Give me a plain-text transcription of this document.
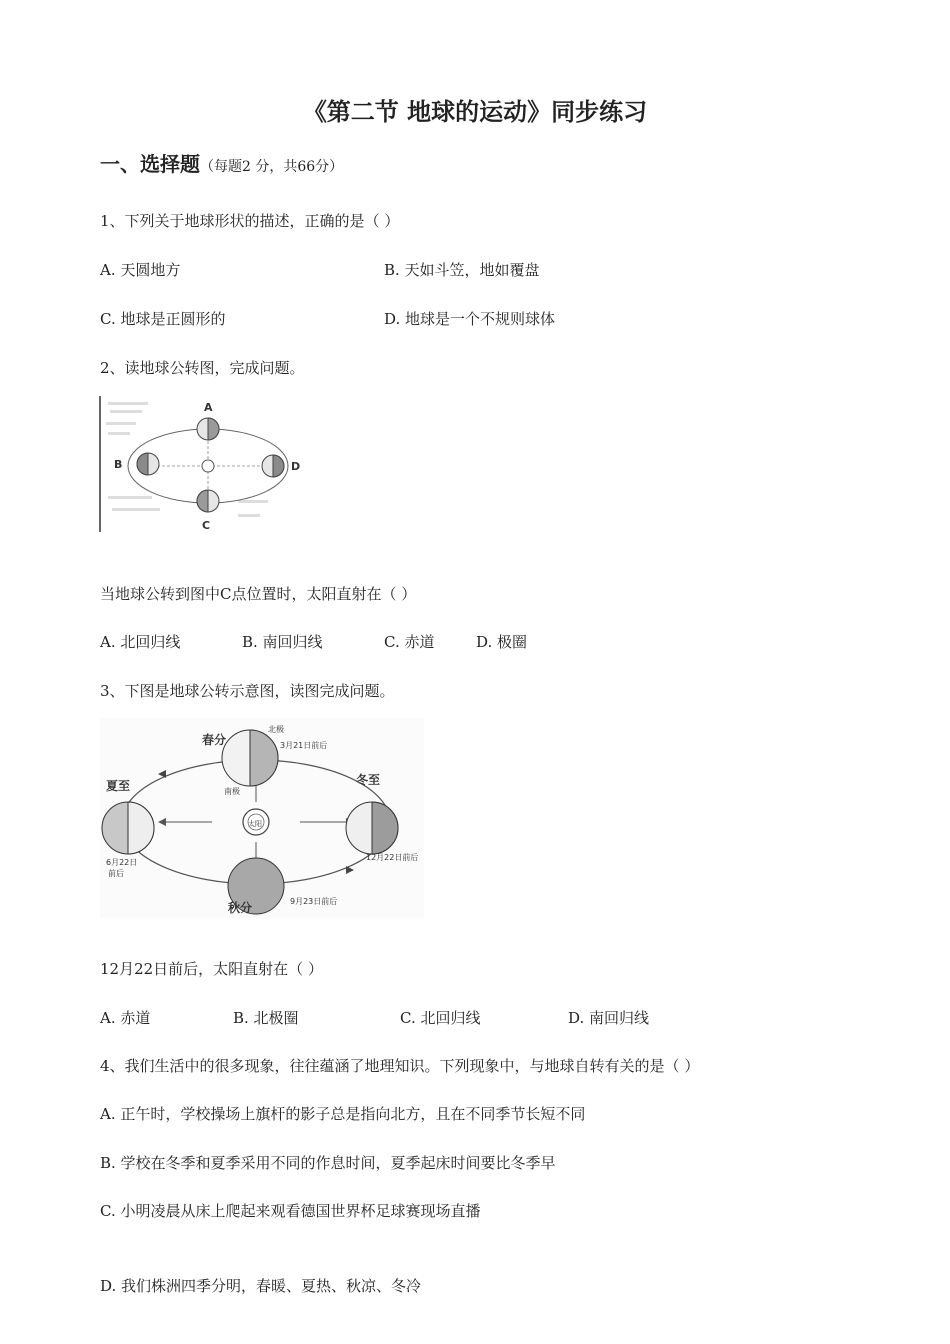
《第二节 地球的运动》同步练习
一、选择题（每题2 分，共66分）
1、下列关于地球形状的描述，正确的是（ ）
A. 天圆地方	B. 天如斗笠，地如覆盘
C. 地球是正圆形的	D. 地球是一个不规则球体
2、读地球公转图，完成问题。
A
B
C
D
当地球公转到图中C点位置时，太阳直射在（ ）
A. 北回归线	B. 南回归线	C. 赤道	D. 极圈
3、下图是地球公转示意图，读图完成问题。
太阳
春分
北极
3月21日前后
南极
夏至
6月22日
前后
冬至
12月22日前后
秋分	9月23日前后
12月22日前后，太阳直射在（ ）
A. 赤道	B. 北极圈	C. 北回归线	D. 南回归线
4、我们生活中的很多现象，往往蕴涵了地理知识。下列现象中，与地球自转有关的是（ ）
A. 正午时，学校操场上旗杆的影子总是指向北方，且在不同季节长短不同
B. 学校在冬季和夏季采用不同的作息时间，夏季起床时间要比冬季早
C. 小明凌晨从床上爬起来观看德国世界杯足球赛现场直播
D. 我们株洲四季分明，春暖、夏热、秋凉、冬冷
